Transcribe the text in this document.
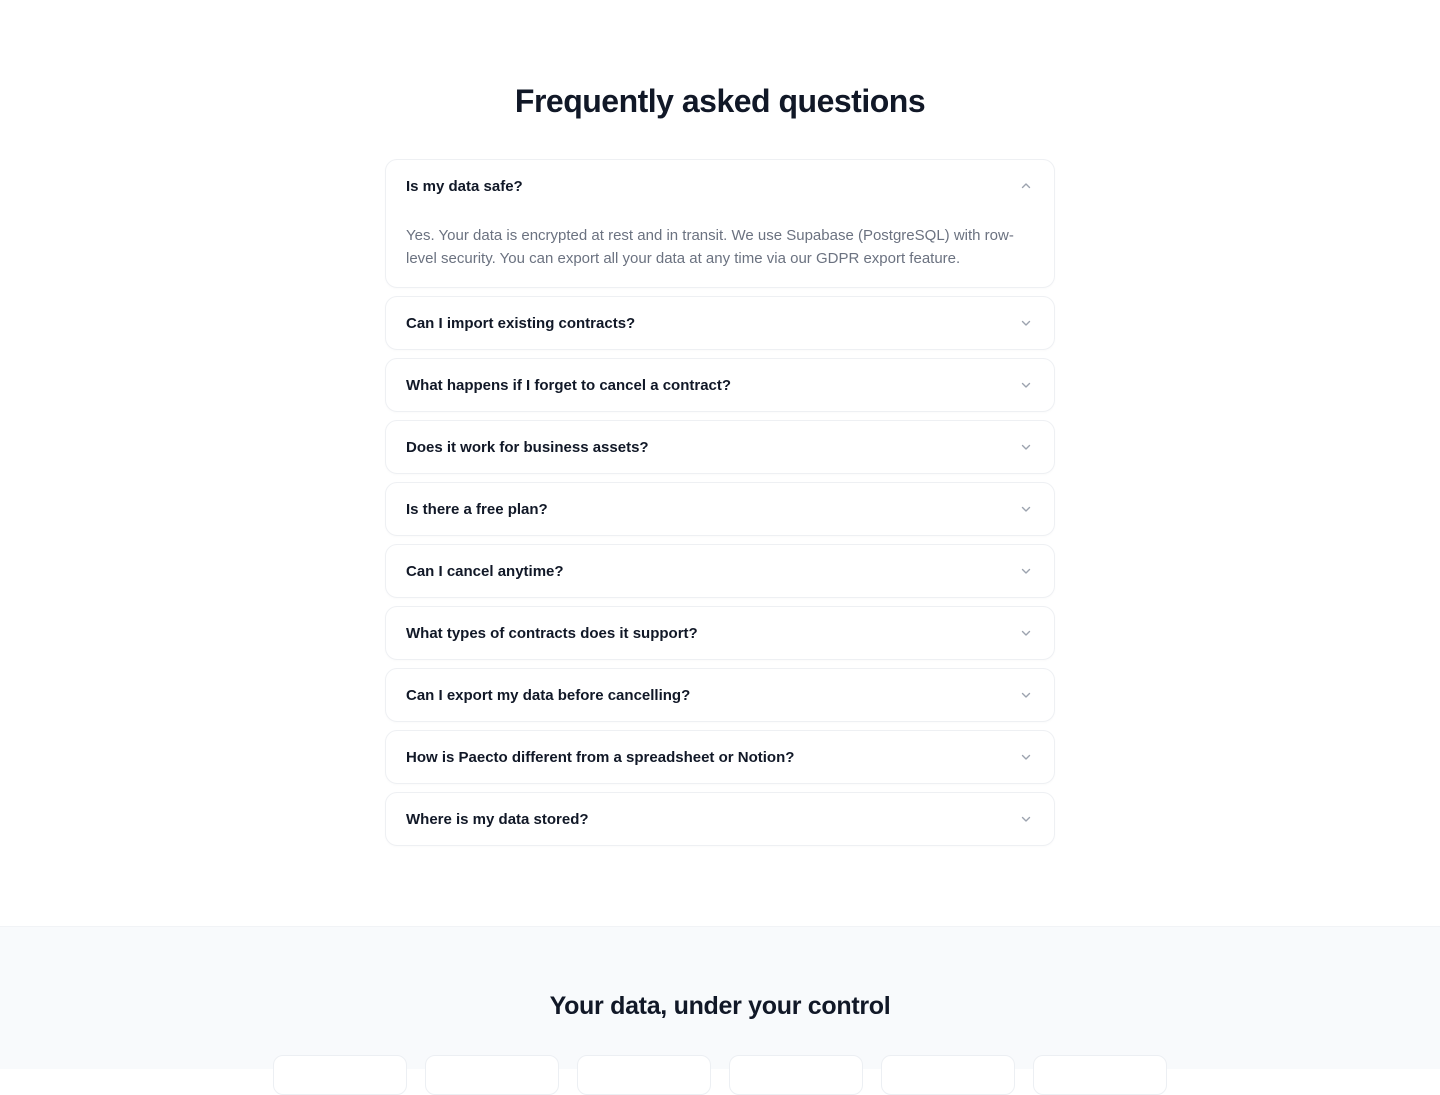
Frequently asked questions
Is my data safe?
Yes. Your data is encrypted at rest and in transit. We use Supabase (PostgreSQL) with row-level security. You can export all your data at any time via our GDPR export feature.
Can I import existing contracts?
What happens if I forget to cancel a contract?
Does it work for business assets?
Is there a free plan?
Can I cancel anytime?
What types of contracts does it support?
Can I export my data before cancelling?
How is Paecto different from a spreadsheet or Notion?
Where is my data stored?
Your data, under your control
